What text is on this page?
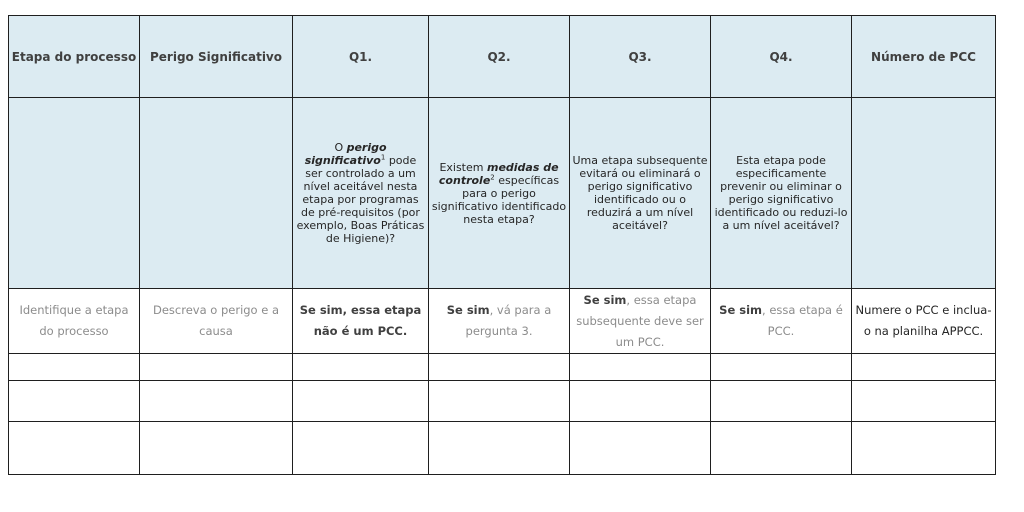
Etapa do processo	Perigo Significativo	Q1.	Q2.	Q3.	Q4.	Número de PCC
		O perigo significativo$^1$ pode ser controlado a um nível aceitável nesta etapa por programas de pré-requisitos (por exemplo, Boas Práticas de Higiene)?	Existem medidas de controle$^2$ específicas para o perigo significativo identificado nesta etapa?	Uma etapa subsequente evitará ou eliminará o perigo significativo identificado ou o reduzirá a um nível aceitável?	Esta etapa pode especificamente prevenir ou eliminar o perigo significativo identificado ou reduzi-lo a um nível aceitável?	
Identifique a etapa do processo	Descreva o perigo e a causa	Se sim, essa etapa não é um PCC.	Se sim, vá para a pergunta 3.	Se sim, essa etapa subsequente deve ser um PCC.	Se sim, essa etapa é PCC.	Numere o PCC e inclua-o na planilha APPCC.
